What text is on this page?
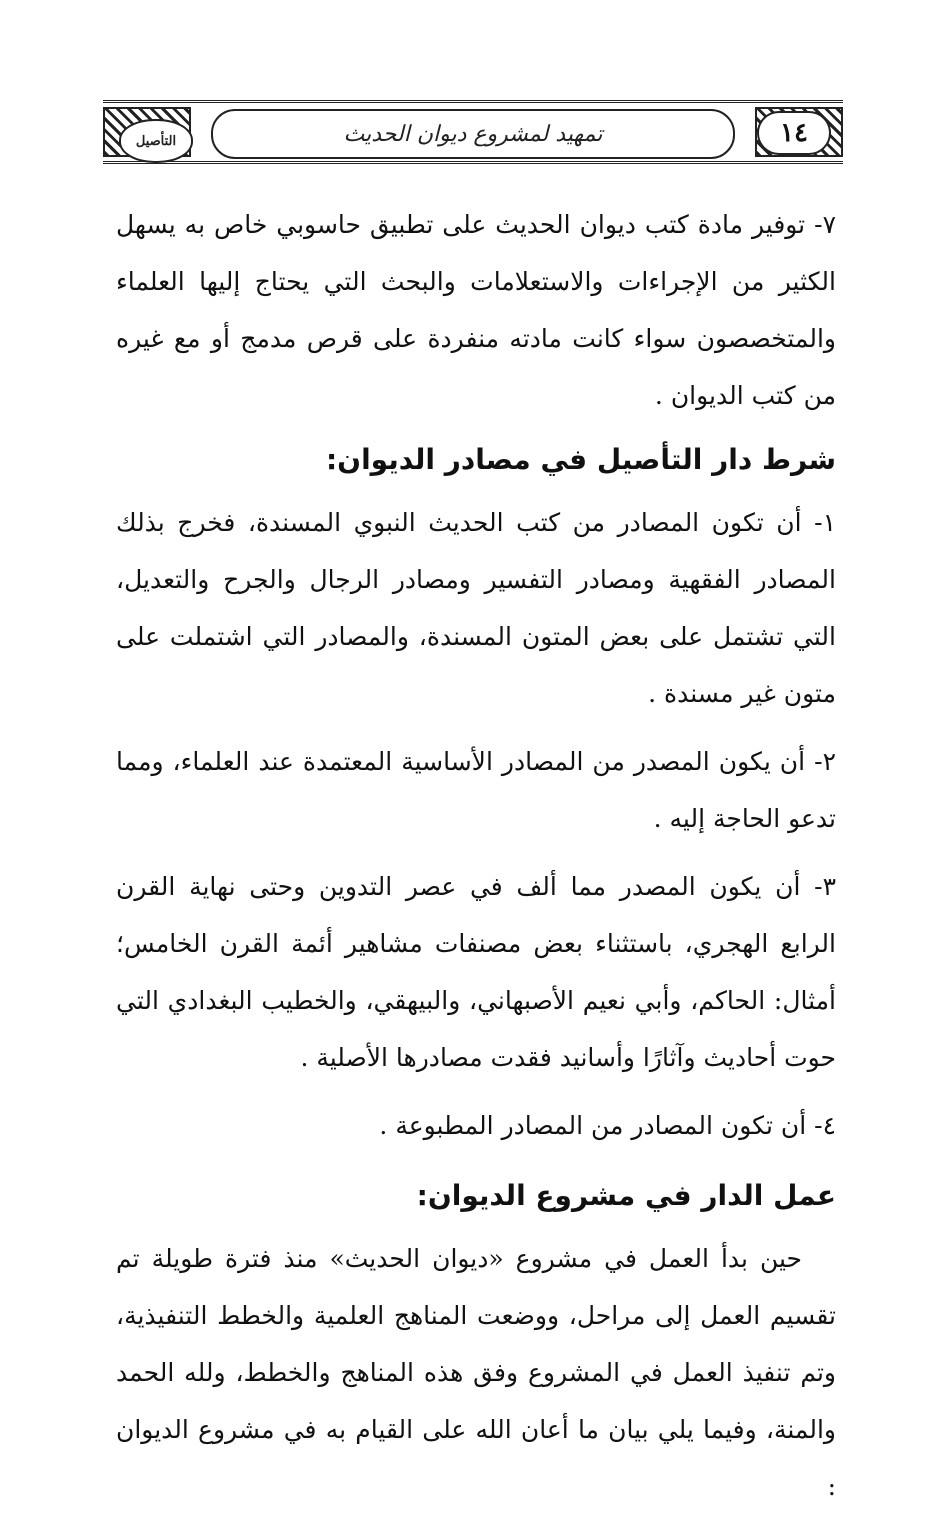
التأصيل	تمهيد لمشروع ديوان الحديث	١٤

٧- توفير مادة كتب ديوان الحديث على تطبيق حاسوبي خاص به يسهل الكثير من الإجراءات والاستعلامات والبحث التي يحتاج إليها العلماء والمتخصصون سواء كانت مادته منفردة على قرص مدمج أو مع غيره من كتب الديوان .

شرط دار التأصيل في مصادر الديوان:

١- أن تكون المصادر من كتب الحديث النبوي المسندة، فخرج بذلك المصادر الفقهية ومصادر التفسير ومصادر الرجال والجرح والتعديل، التي تشتمل على بعض المتون المسندة، والمصادر التي اشتملت على متون غير مسندة .

٢- أن يكون المصدر من المصادر الأساسية المعتمدة عند العلماء، ومما تدعو الحاجة إليه .

٣- أن يكون المصدر مما ألف في عصر التدوين وحتى نهاية القرن الرابع الهجري، باستثناء بعض مصنفات مشاهير أئمة القرن الخامس؛ أمثال: الحاكم، وأبي نعيم الأصبهاني، والبيهقي، والخطيب البغدادي التي حوت أحاديث وآثارًا وأسانيد فقدت مصادرها الأصلية .

٤- أن تكون المصادر من المصادر المطبوعة .

عمل الدار في مشروع الديوان:

حين بدأ العمل في مشروع «ديوان الحديث» منذ فترة طويلة تم تقسيم العمل إلى مراحل، ووضعت المناهج العلمية والخطط التنفيذية، وتم تنفيذ العمل في المشروع وفق هذه المناهج والخطط، ولله الحمد والمنة، وفيما يلي بيان ما أعان الله على القيام به في مشروع الديوان :
